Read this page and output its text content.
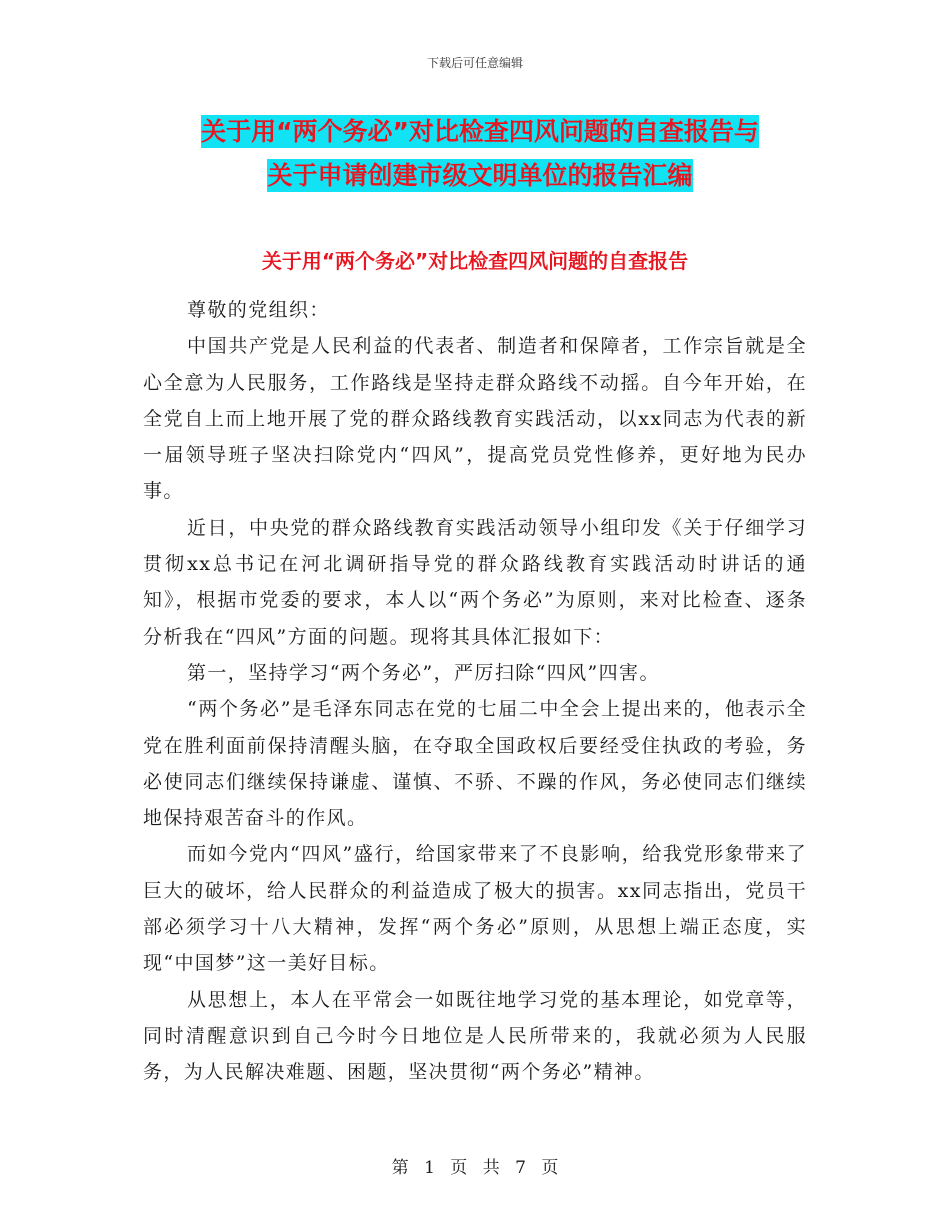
下载后可任意编辑
关于用“两个务必”对比检查四风问题的自查报告与
关于申请创建市级文明单位的报告汇编
关于用“两个务必”对比检查四风问题的自查报告

尊敬的党组织：

中国共产党是人民利益的代表者、制造者和保障者，工作宗旨就是全心全意为人民服务，工作路线是坚持走群众路线不动摇。自今年开始，在全党自上而上地开展了党的群众路线教育实践活动，以xx同志为代表的新一届领导班子坚决扫除党内“四风”，提高党员党性修养，更好地为民办事。

近日，中央党的群众路线教育实践活动领导小组印发《关于仔细学习贯彻xx总书记在河北调研指导党的群众路线教育实践活动时讲话的通知》，根据市党委的要求，本人以“两个务必”为原则，来对比检查、逐条分析我在“四风”方面的问题。现将其具体汇报如下：

第一，坚持学习“两个务必”，严厉扫除“四风”四害。

“两个务必”是毛泽东同志在党的七届二中全会上提出来的，他表示全党在胜利面前保持清醒头脑，在夺取全国政权后要经受住执政的考验，务必使同志们继续保持谦虚、谨慎、不骄、不躁的作风，务必使同志们继续地保持艰苦奋斗的作风。

而如今党内“四风”盛行，给国家带来了不良影响，给我党形象带来了巨大的破坏，给人民群众的利益造成了极大的损害。xx同志指出，党员干部必须学习十八大精神，发挥“两个务必”原则，从思想上端正态度，实现“中国梦”这一美好目标。

从思想上，本人在平常会一如既往地学习党的基本理论，如党章等，同时清醒意识到自己今时今日地位是人民所带来的，我就必须为人民服务，为人民解决难题、困题，坚决贯彻“两个务必”精神。

第 1 页 共 7 页
